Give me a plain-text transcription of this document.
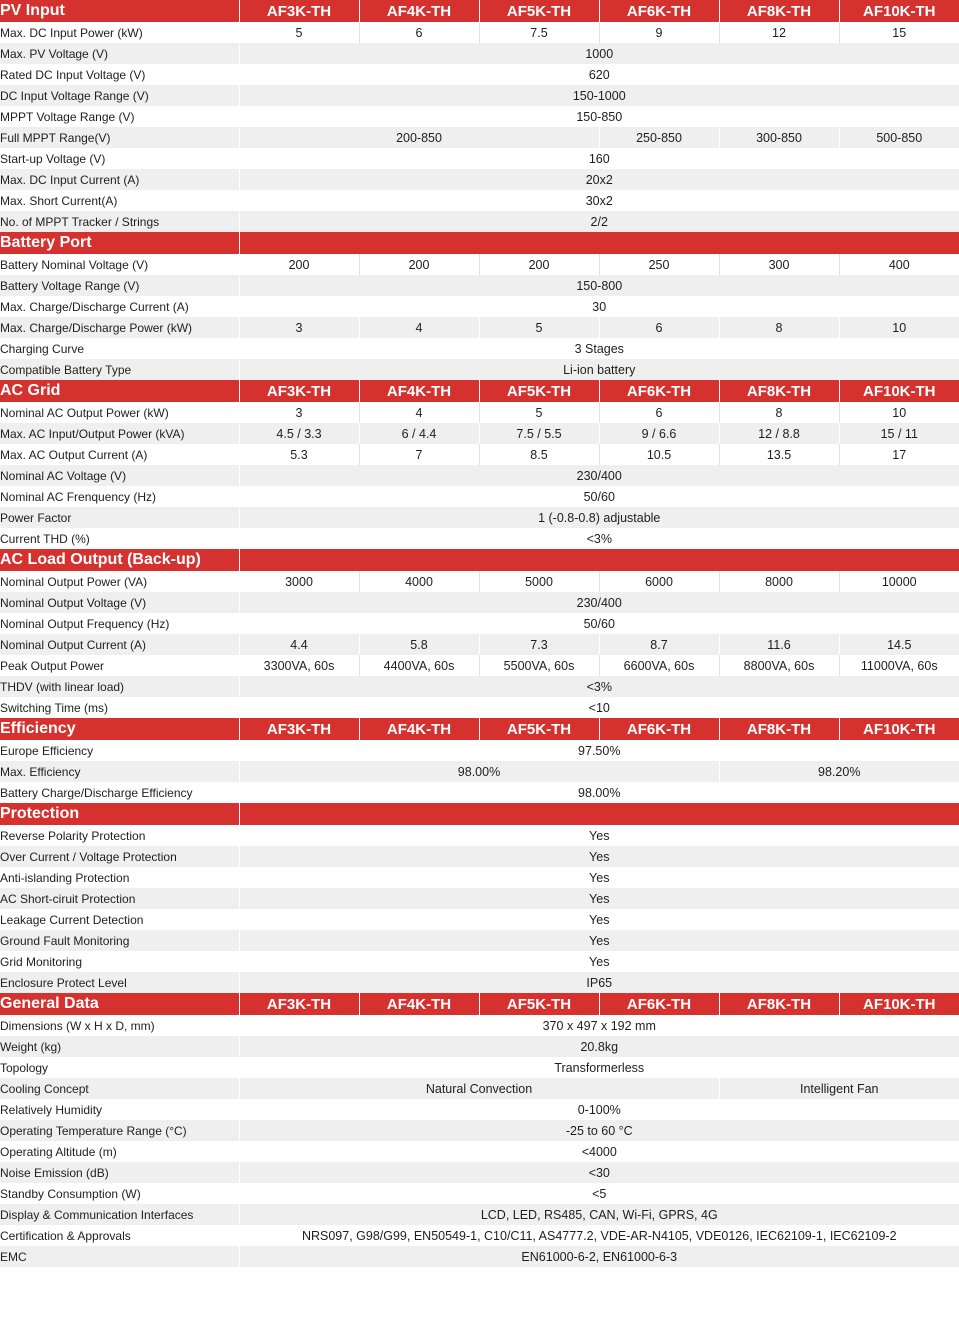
PV Input	AF3K-TH	AF4K-TH	AF5K-TH	AF6K-TH	AF8K-TH	AF10K-TH
Max. DC Input Power (kW)	5	6	7.5	9	12	15
Max. PV Voltage (V)	1000					
Rated DC Input Voltage (V)	620					
DC Input Voltage Range (V)	150-1000					
MPPT Voltage Range (V)	150-850					
Full MPPT Range(V)	200-850			250-850	300-850	500-850
Start-up Voltage (V)	160					
Max. DC Input Current (A)	20x2					
Max. Short Current(A)	30x2					
No. of MPPT Tracker / Strings	2/2					
Battery Port						
Battery Nominal Voltage (V)	200	200	200	250	300	400
Battery Voltage Range (V)	150-800					
Max. Charge/Discharge Current (A)	30					
Max. Charge/Discharge Power (kW)	3	4	5	6	8	10
Charging Curve	3 Stages					
Compatible Battery Type	Li-ion battery					
AC Grid	AF3K-TH	AF4K-TH	AF5K-TH	AF6K-TH	AF8K-TH	AF10K-TH
Nominal AC Output Power (kW)	3	4	5	6	8	10
Max. AC Input/Output Power (kVA)	4.5 / 3.3	6 / 4.4	7.5 / 5.5	9 / 6.6	12 / 8.8	15 / 11
Max. AC Output Current (A)	5.3	7	8.5	10.5	13.5	17
Nominal AC Voltage (V)	230/400					
Nominal AC Frenquency (Hz)	50/60					
Power Factor	1 (-0.8-0.8) adjustable					
Current THD (%)	<3%					
AC Load Output (Back-up)						
Nominal Output Power (VA)	3000	4000	5000	6000	8000	10000
Nominal Output Voltage (V)	230/400					
Nominal Output Frequency (Hz)	50/60					
Nominal Output Current (A)	4.4	5.8	7.3	8.7	11.6	14.5
Peak Output Power	3300VA, 60s	4400VA, 60s	5500VA, 60s	6600VA, 60s	8800VA, 60s	11000VA, 60s
THDV (with linear load)	<3%					
Switching Time (ms)	<10					
Efficiency	AF3K-TH	AF4K-TH	AF5K-TH	AF6K-TH	AF8K-TH	AF10K-TH
Europe Efficiency	97.50%					
Max. Efficiency	98.00%				98.20%	
Battery Charge/Discharge Efficiency	98.00%					
Protection						
Reverse Polarity Protection	Yes					
Over Current / Voltage Protection	Yes					
Anti-islanding Protection	Yes					
AC Short-ciruit Protection	Yes					
Leakage Current Detection	Yes					
Ground Fault Monitoring	Yes					
Grid Monitoring	Yes					
Enclosure Protect Level	IP65					
General Data	AF3K-TH	AF4K-TH	AF5K-TH	AF6K-TH	AF8K-TH	AF10K-TH
Dimensions (W x H x D, mm)	370 x 497 x 192 mm					
Weight (kg)	20.8kg					
Topology	Transformerless					
Cooling Concept	Natural Convection				Intelligent Fan	
Relatively Humidity	0-100%					
Operating Temperature Range (°C)	-25 to 60 °C					
Operating Altitude (m)	<4000					
Noise Emission (dB)	<30					
Standby Consumption (W)	<5					
Display & Communication Interfaces	LCD, LED, RS485, CAN, Wi-Fi, GPRS, 4G					
Certification & Approvals	NRS097, G98/G99, EN50549-1, C10/C11, AS4777.2, VDE-AR-N4105, VDE0126, IEC62109-1, IEC62109-2					
EMC	EN61000-6-2, EN61000-6-3					
